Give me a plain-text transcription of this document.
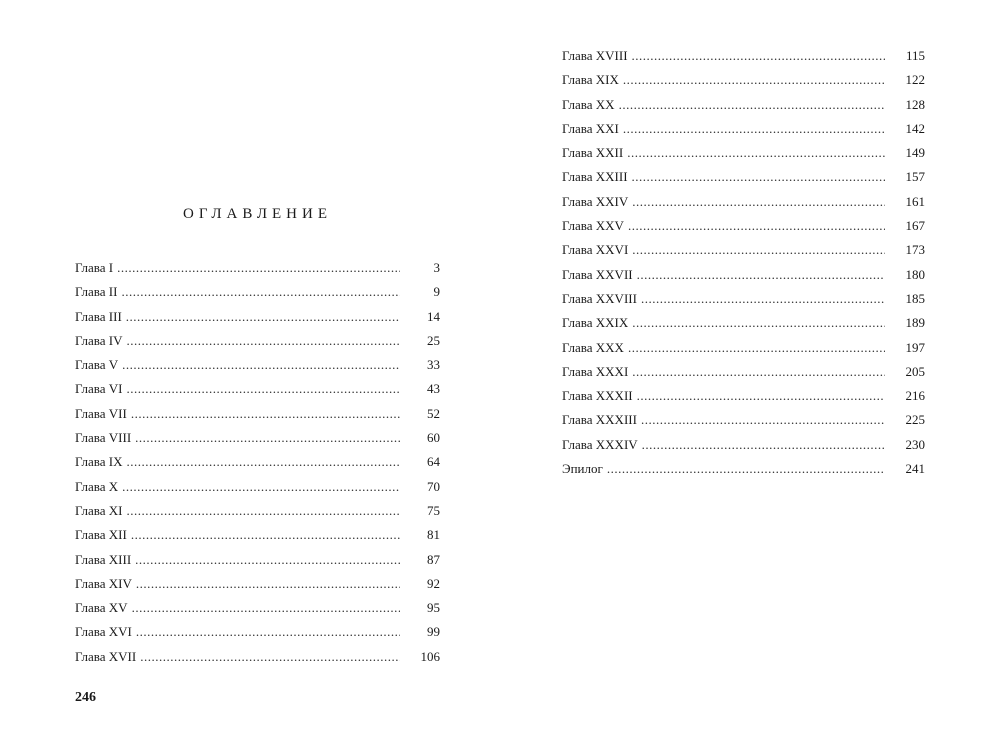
ОГЛАВЛЕНИЕ
Глава I .....	3
Глава II .....	9
Глава III .....	14
Глава IV .....	25
Глава V .....	33
Глава VI .....	43
Глава VII .....	52
Глава VIII .....	60
Глава IX .....	64
Глава X .....	70
Глава XI .....	75
Глава XII .....	81
Глава XIII .....	87
Глава XIV .....	92
Глава XV .....	95
Глава XVI .....	99
Глава XVII .....	106
246
Глава XVIII .....	115
Глава XIX .....	122
Глава XX .....	128
Глава XXI .....	142
Глава XXII .....	149
Глава XXIII .....	157
Глава XXIV .....	161
Глава XXV .....	167
Глава XXVI .....	173
Глава XXVII .....	180
Глава XXVIII .....	185
Глава XXIX .....	189
Глава XXX .....	197
Глава XXXI .....	205
Глава XXXII .....	216
Глава XXXIII .....	225
Глава XXXIV .....	230
Эпилог .....	241
